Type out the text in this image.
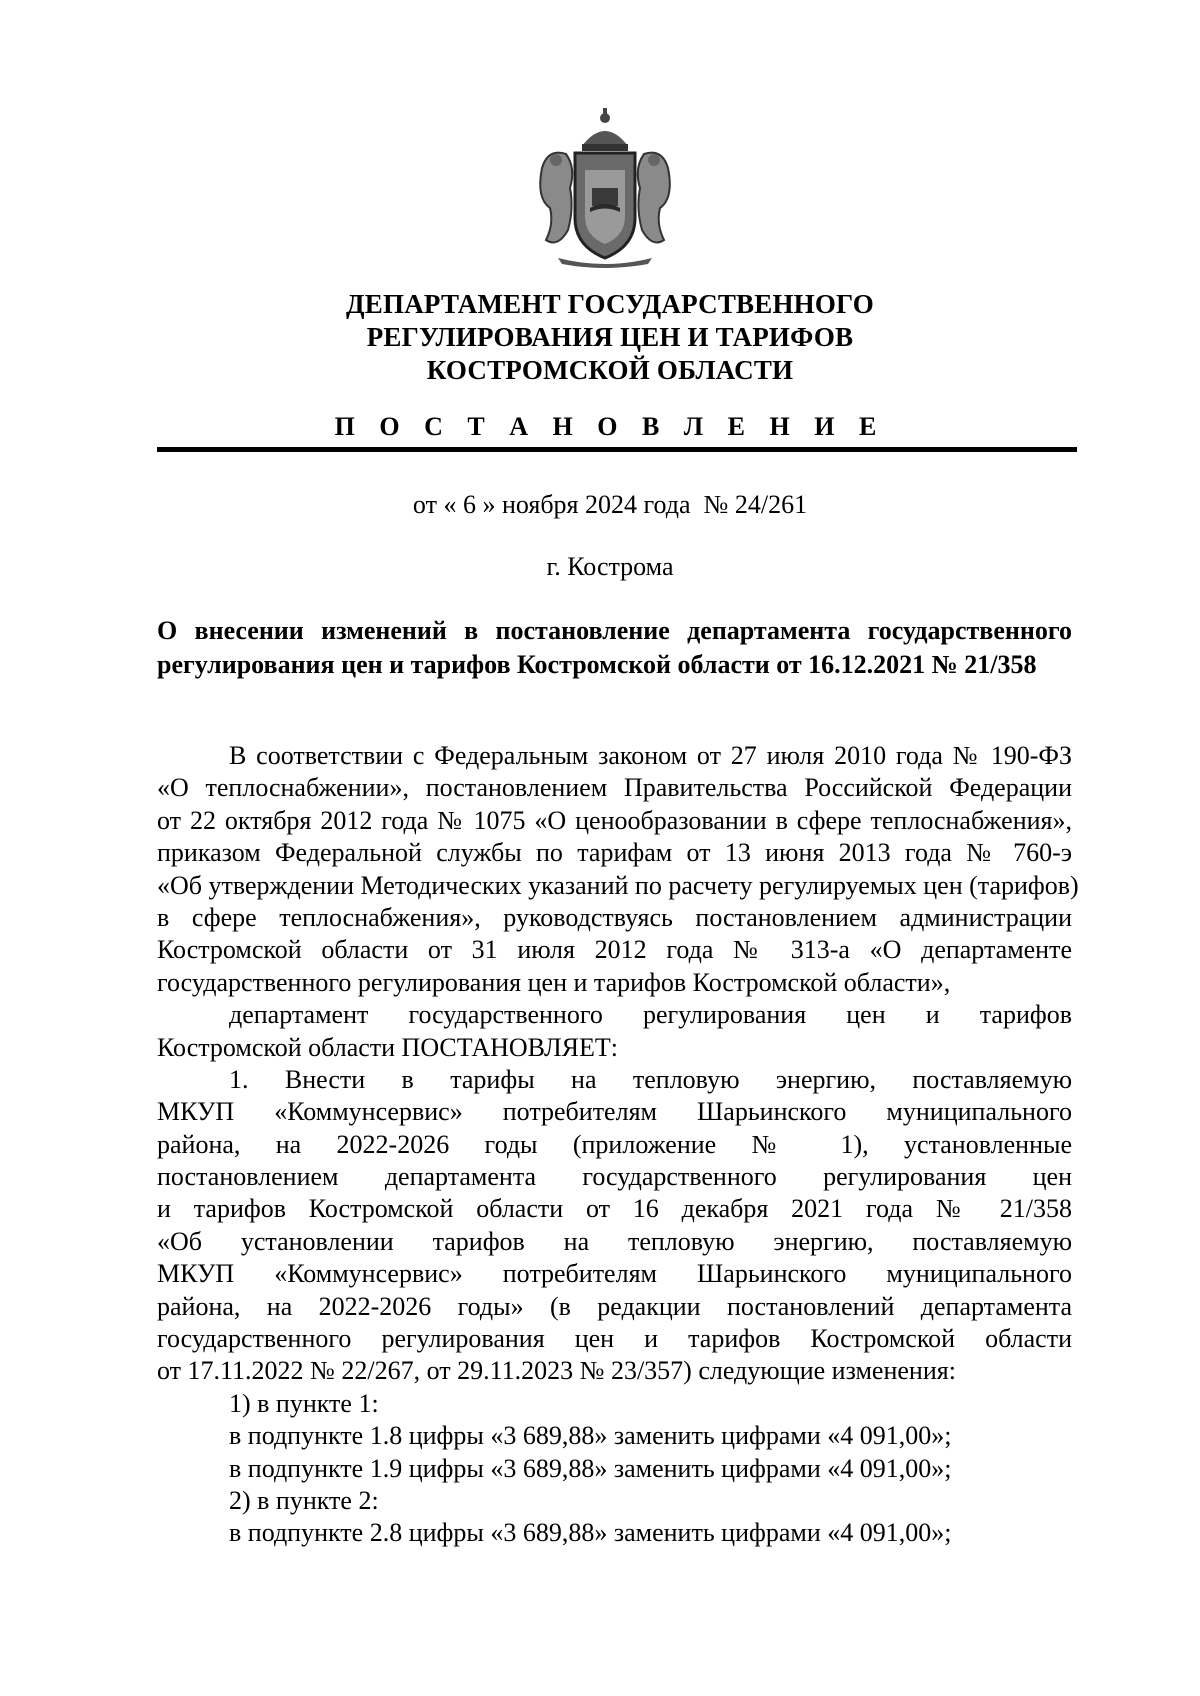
ДЕПАРТАМЕНТ ГОСУДАРСТВЕННОГО
РЕГУЛИРОВАНИЯ ЦЕН И ТАРИФОВ
КОСТРОМСКОЙ ОБЛАСТИ
П О С Т А Н О В Л Е Н И Е
от « 6 » ноября 2024 года  № 24/261
г. Кострома
О внесении изменений в постановление департамента государственного
регулирования цен и тарифов Костромской области от 16.12.2021 № 21/358
В соответствии с Федеральным законом от 27 июля 2010 года № 190-ФЗ
«О теплоснабжении», постановлением Правительства Российской Федерации
от 22 октября 2012 года № 1075 «О ценообразовании в сфере теплоснабжения»,
приказом Федеральной службы по тарифам от 13 июня 2013 года № 760-э
«Об утверждении Методических указаний по расчету регулируемых цен (тарифов)
в сфере теплоснабжения», руководствуясь постановлением администрации
Костромской области от 31 июля 2012 года № 313-а «О департаменте
государственного регулирования цен и тарифов Костромской области»,
департамент государственного регулирования цен и тарифов
Костромской области ПОСТАНОВЛЯЕТ:
1. Внести в тарифы на тепловую энергию, поставляемую
МКУП «Коммунсервис» потребителям Шарьинского муниципального
района, на 2022-2026 годы (приложение № 1), установленные
постановлением департамента государственного регулирования цен
и тарифов Костромской области от 16 декабря 2021 года № 21/358
«Об установлении тарифов на тепловую энергию, поставляемую
МКУП «Коммунсервис» потребителям Шарьинского муниципального
района, на 2022-2026 годы» (в редакции постановлений департамента
государственного регулирования цен и тарифов Костромской области
от 17.11.2022 № 22/267, от 29.11.2023 № 23/357) следующие изменения:
1) в пункте 1:
в подпункте 1.8 цифры «3 689,88» заменить цифрами «4 091,00»;
в подпункте 1.9 цифры «3 689,88» заменить цифрами «4 091,00»;
2) в пункте 2:
в подпункте 2.8 цифры «3 689,88» заменить цифрами «4 091,00»;
